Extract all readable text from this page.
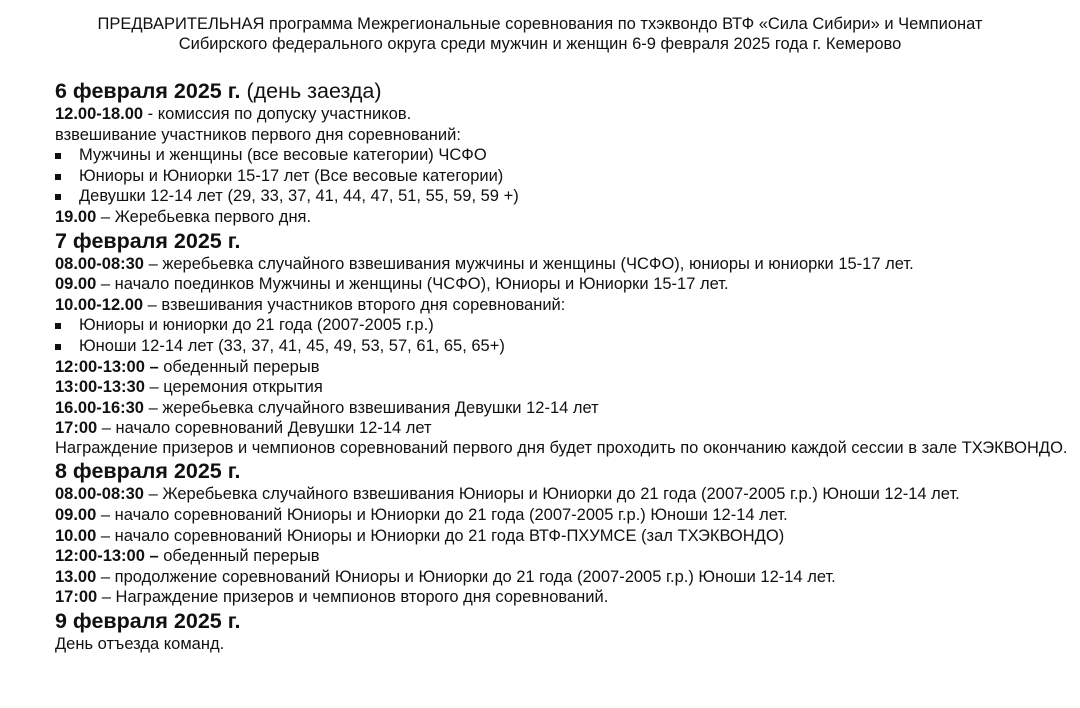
ПРЕДВАРИТЕЛЬНАЯ программа Межрегиональные соревнования по тхэквондо ВТФ «Сила Сибири» и Чемпионат
Сибирского федерального округа среди мужчин и женщин 6-9 февраля 2025 года г. Кемерово

6 февраля 2025 г. (день заезда)

12.00-18.00 - комиссия по допуску участников.

взвешивание участников первого дня соревнований:

Мужчины и женщины (все весовые категории) ЧСФО

Юниоры и Юниорки 15-17 лет (Все весовые категории)

Девушки 12-14 лет (29, 33, 37, 41, 44, 47, 51, 55, 59, 59 +)

19.00 – Жеребьевка первого дня.

7 февраля 2025 г.

08.00-08:30 – жеребьевка случайного взвешивания мужчины и женщины (ЧСФО), юниоры и юниорки 15-17 лет.

09.00 – начало поединков Мужчины и женщины (ЧСФО), Юниоры и Юниорки 15-17 лет.

10.00-12.00 – взвешивания участников второго дня соревнований:

Юниоры и юниорки до 21 года (2007-2005 г.р.)

Юноши 12-14 лет (33, 37, 41, 45, 49, 53, 57, 61, 65, 65+)

12:00-13:00 – обеденный перерыв

13:00-13:30 – церемония открытия

16.00-16:30 – жеребьевка случайного взвешивания Девушки 12-14 лет

17:00 – начало соревнований Девушки 12-14 лет

Награждение призеров и чемпионов соревнований первого дня будет проходить по окончанию каждой сессии в зале ТХЭКВОНДО.

8 февраля 2025 г.

08.00-08:30 – Жеребьевка случайного взвешивания Юниоры и Юниорки до 21 года (2007-2005 г.р.) Юноши 12-14 лет.

09.00 – начало соревнований Юниоры и Юниорки до 21 года (2007-2005 г.р.) Юноши 12-14 лет.

10.00 – начало соревнований Юниоры и Юниорки до 21 года ВТФ-ПХУМСЕ (зал ТХЭКВОНДО)

12:00-13:00 – обеденный перерыв

13.00 – продолжение соревнований Юниоры и Юниорки до 21 года (2007-2005 г.р.) Юноши 12-14 лет.

17:00 – Награждение призеров и чемпионов второго дня соревнований.

9 февраля 2025 г.

День отъезда команд.
